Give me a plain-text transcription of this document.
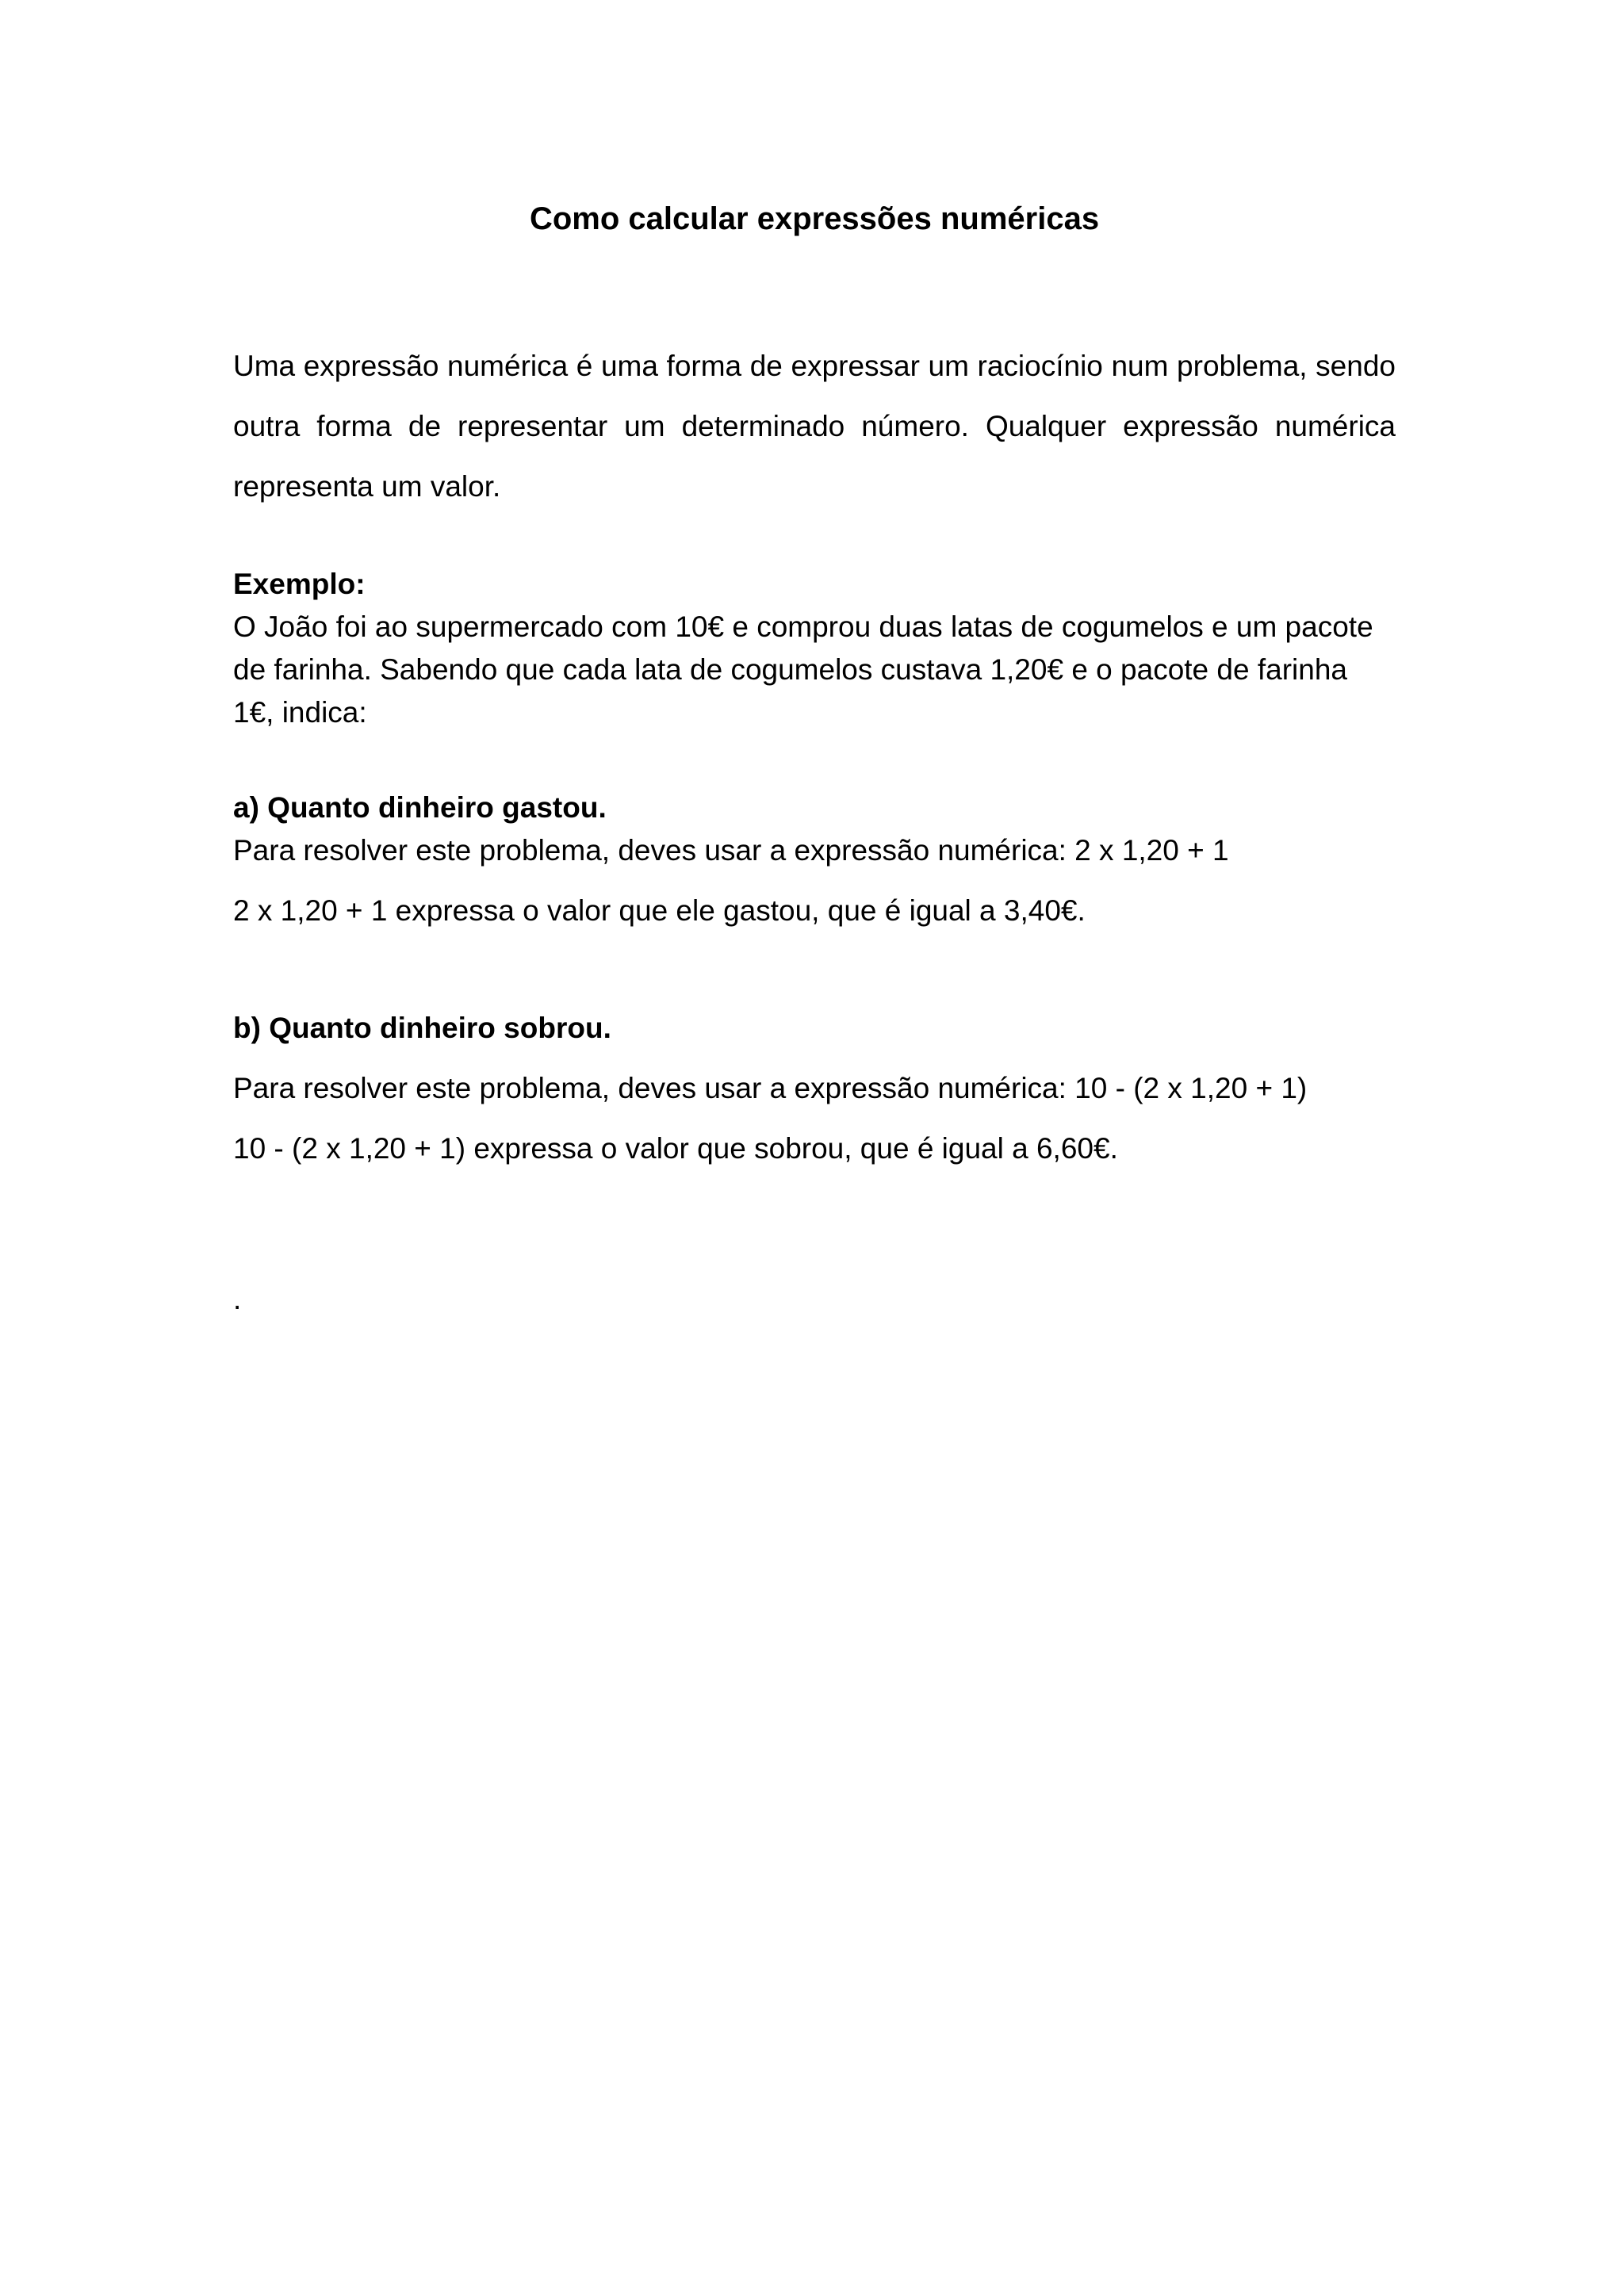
Como calcular expressões numéricas

Uma expressão numérica é uma forma de expressar um raciocínio num problema, sendo outra forma de representar um determinado número. Qualquer expressão numérica representa um valor.

Exemplo:

O João foi ao supermercado com 10€ e comprou duas latas de cogumelos e um pacote de farinha. Sabendo que cada lata de cogumelos custava 1,20€ e o pacote de farinha 1€, indica:

a) Quanto dinheiro gastou.

Para resolver este problema, deves usar a expressão numérica: 2 x 1,20 + 1

2 x 1,20 + 1 expressa o valor que ele gastou, que é igual a 3,40€.

b) Quanto dinheiro sobrou.

Para resolver este problema, deves usar a expressão numérica: 10 - (2 x 1,20 + 1)

10 - (2 x 1,20 + 1) expressa o valor que sobrou, que é igual a 6,60€.

.
